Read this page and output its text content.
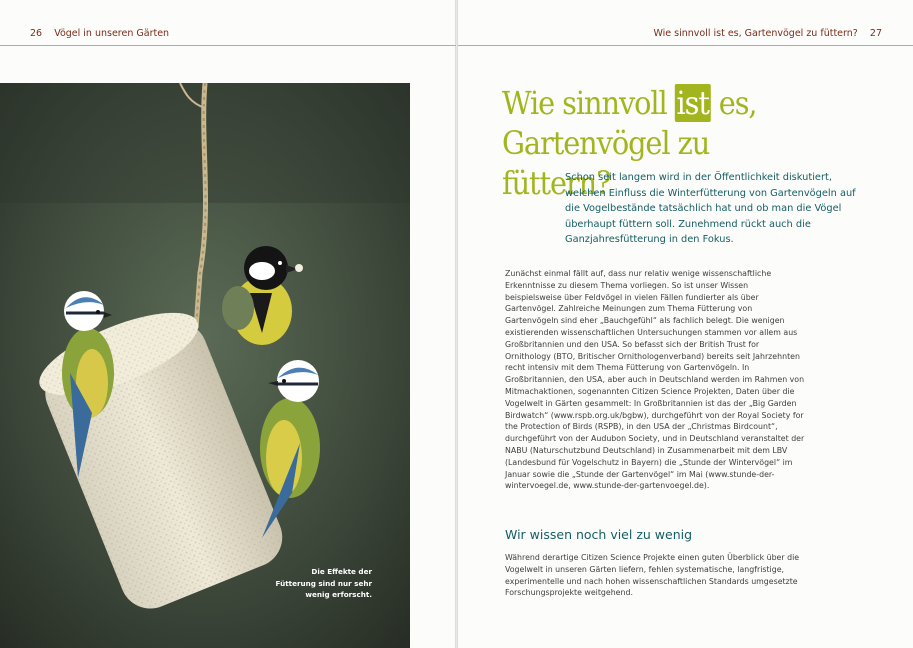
26 Vögel in unseren Gärten	Wie sinnvoll ist es, Gartenvögel zu füttern? 27
Die Effekte der Fütterung sind nur sehr wenig erforscht.
Wie sinnvoll ist es,
Gartenvögel zu füttern?
Schon seit langem wird in der Öffentlichkeit diskutiert, welchen Einfluss die Winterfütterung von Gartenvögeln auf die Vogelbestände tatsächlich hat und ob man die Vögel überhaupt füttern soll. Zunehmend rückt auch die Ganzjahresfütterung in den Fokus.
Zunächst einmal fällt auf, dass nur relativ wenige wissenschaftliche Erkenntnisse zu diesem Thema vorliegen. So ist unser Wissen beispielsweise über Feldvögel in vielen Fällen fundierter als über Gartenvögel. Zahlreiche Meinungen zum Thema Fütterung von Gartenvögeln sind eher „Bauchgefühl“ als fachlich belegt. Die wenigen existierenden wissenschaftlichen Untersuchungen stammen vor allem aus Großbritannien und den USA. So befasst sich der British Trust for Ornithology (BTO, Britischer Ornithologenverband) bereits seit Jahrzehnten recht intensiv mit dem Thema Fütterung von Gartenvögeln. In Großbritannien, den USA, aber auch in Deutschland werden im Rahmen von Mitmachaktionen, sogenannten Citizen Science Projekten, Daten über die Vogelwelt in Gärten gesammelt: In Großbritannien ist das der „Big Garden Birdwatch“ (www.rspb.org.uk/bgbw), durchgeführt von der Royal Society for the Protection of Birds (RSPB), in den USA der „Christmas Birdcount“, durchgeführt von der Audubon Society, und in Deutschland veranstaltet der NABU (Naturschutzbund Deutschland) in Zusammenarbeit mit dem LBV (Landesbund für Vogelschutz in Bayern) die „Stunde der Wintervögel“ im Januar sowie die „Stunde der Gartenvögel“ im Mai (www.stunde-der-wintervoegel.de, www.stunde-der-gartenvoegel.de).
Wir wissen noch viel zu wenig
Während derartige Citizen Science Projekte einen guten Überblick über die Vogelwelt in unseren Gärten liefern, fehlen systematische, langfristige, experimentelle und nach hohen wissenschaftlichen Standards umgesetzte Forschungsprojekte weitgehend.
